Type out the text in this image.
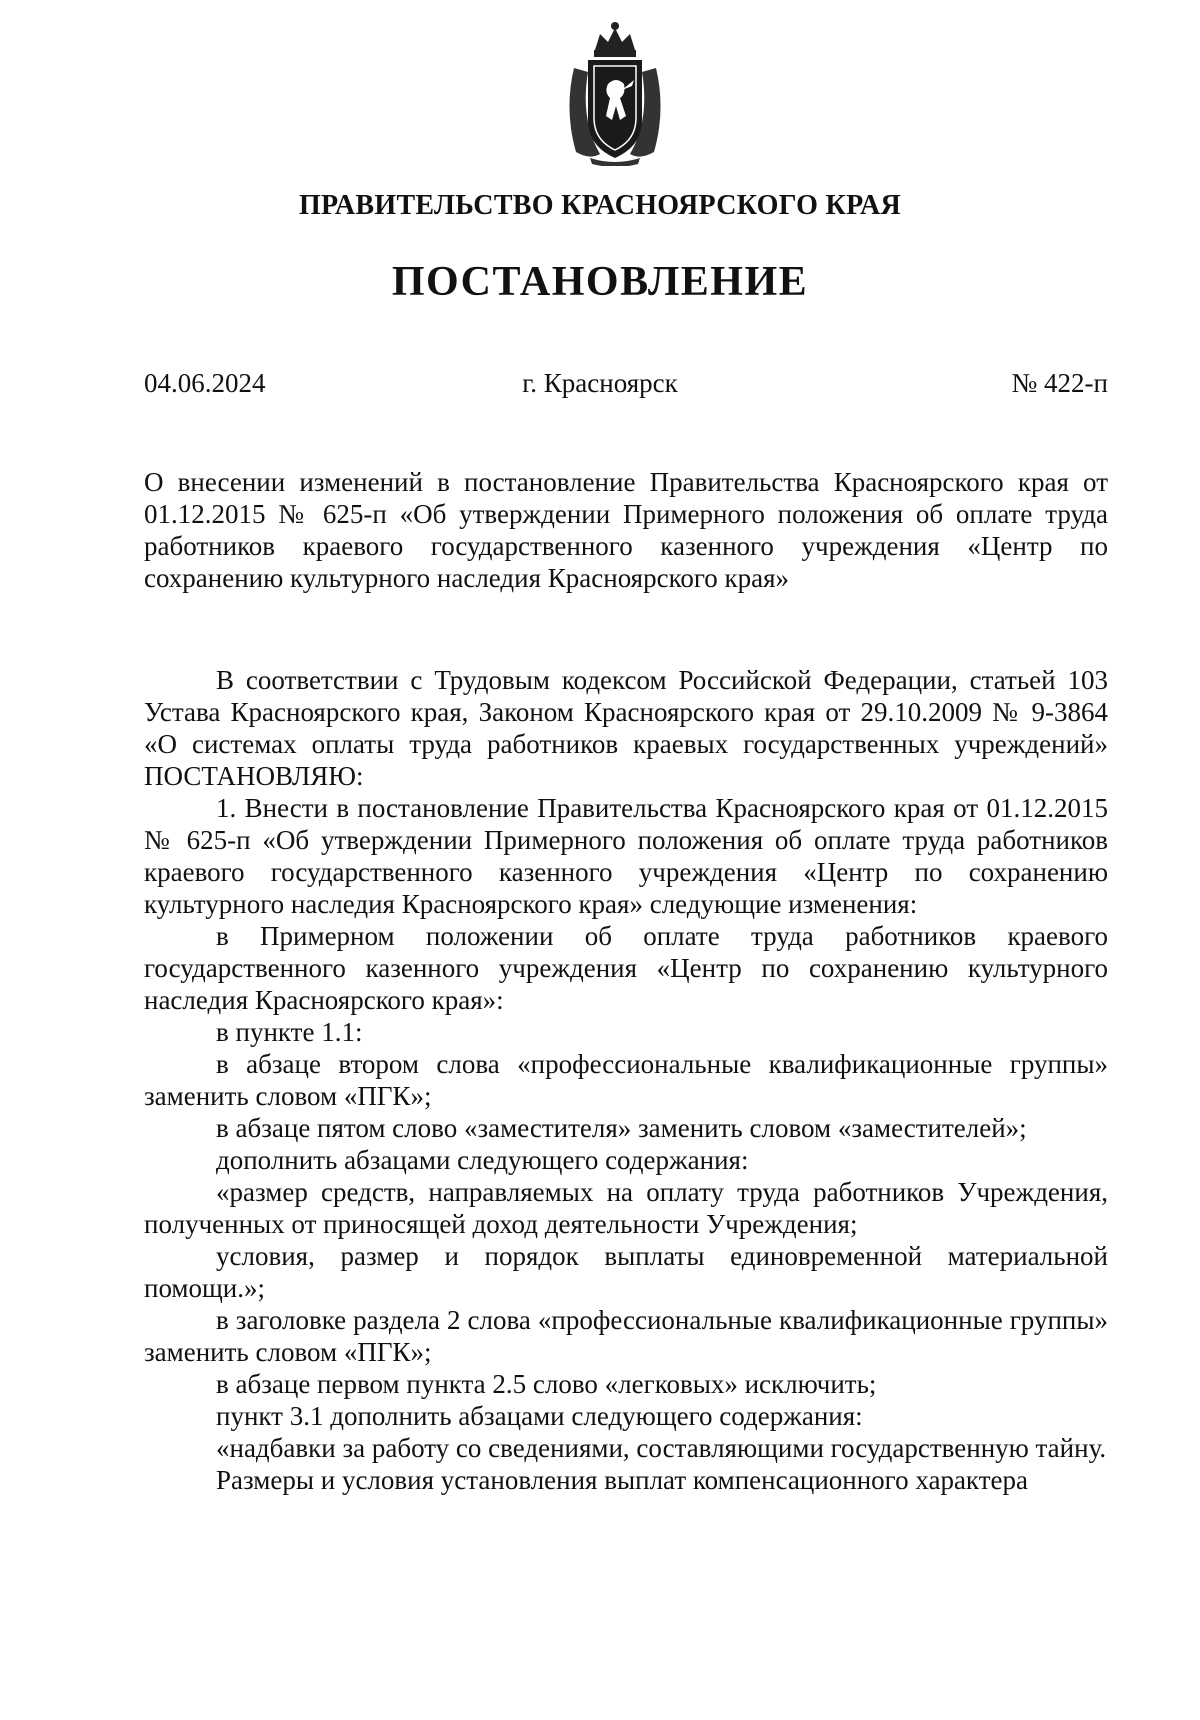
ПРАВИТЕЛЬСТВО КРАСНОЯРСКОГО КРАЯ
ПОСТАНОВЛЕНИЕ

04.06.2024	г. Красноярск	№ 422-п

О внесении изменений в постановление Правительства Красноярского края от 01.12.2015 № 625-п «Об утверждении Примерного положения об оплате труда работников краевого государственного казенного учреждения «Центр по сохранению культурного наследия Красноярского края»

В соответствии с Трудовым кодексом Российской Федерации, статьей 103 Устава Красноярского края, Законом Красноярского края от 29.10.2009 № 9-3864 «О системах оплаты труда работников краевых государственных учреждений» ПОСТАНОВЛЯЮ:

1. Внести в постановление Правительства Красноярского края от 01.12.2015 № 625-п «Об утверждении Примерного положения об оплате труда работников краевого государственного казенного учреждения «Центр по сохранению культурного наследия Красноярского края» следующие изменения:

в Примерном положении об оплате труда работников краевого государственного казенного учреждения «Центр по сохранению культурного наследия Красноярского края»:

в пункте 1.1:

в абзаце втором слова «профессиональные квалификационные группы» заменить словом «ПГК»;

в абзаце пятом слово «заместителя» заменить словом «заместителей»;

дополнить абзацами следующего содержания:

«размер средств, направляемых на оплату труда работников Учреждения, полученных от приносящей доход деятельности Учреждения;

условия, размер и порядок выплаты единовременной материальной помощи.»;

в заголовке раздела 2 слова «профессиональные квалификационные группы» заменить словом «ПГК»;

в абзаце первом пункта 2.5 слово «легковых» исключить;

пункт 3.1 дополнить абзацами следующего содержания:

«надбавки за работу со сведениями, составляющими государственную тайну.

Размеры и условия установления выплат компенсационного характера
